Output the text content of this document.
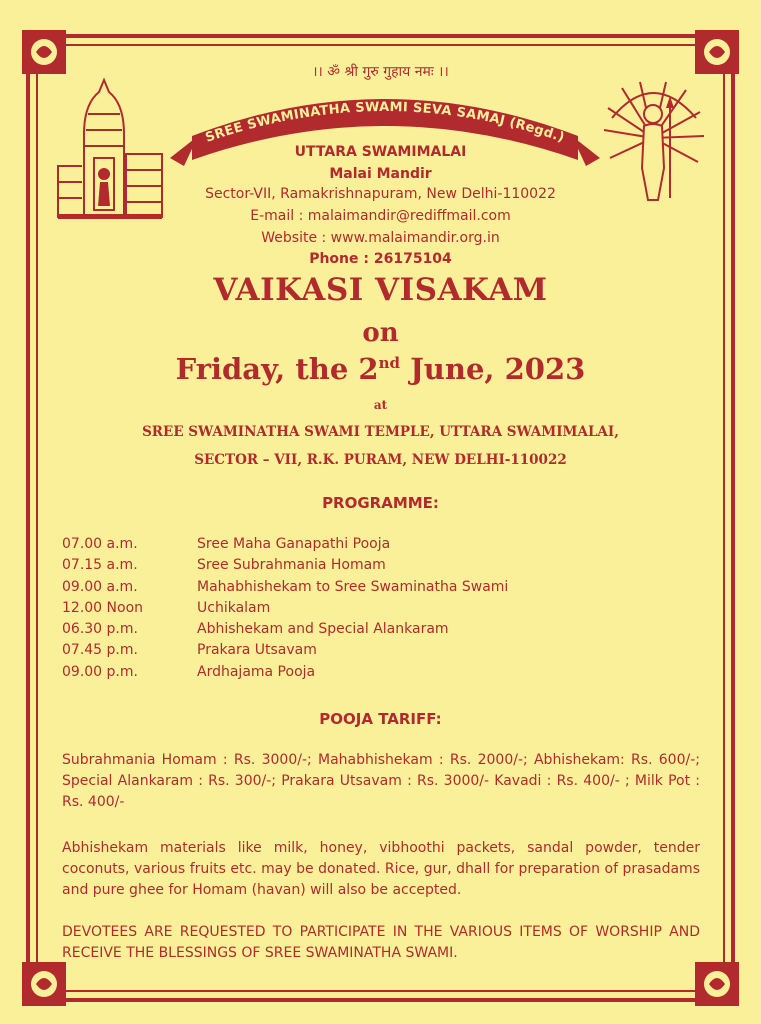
।। ॐ श्री गुरु गुहाय नमः ।।
SREE SWAMINATHA SWAMI SEVA SAMAJ (Regd.)
UTTARA SWAMIMALAI
Malai Mandir
Sector-VII, Ramakrishnapuram, New Delhi-110022
E-mail : malaimandir@rediffmail.com
Website : www.malaimandir.org.in
Phone : 26175104
VAIKASI VISAKAM
on
Friday, the 2nd June, 2023
at
SREE SWAMINATHA SWAMI TEMPLE, UTTARA SWAMIMALAI,
SECTOR – VII, R.K. PURAM, NEW DELHI-110022
PROGRAMME:
07.00 a.m.	Sree Maha Ganapathi Pooja
07.15 a.m.	Sree Subrahmania Homam
09.00 a.m.	Mahabhishekam to Sree Swaminatha Swami
12.00 Noon	Uchikalam
06.30 p.m.	Abhishekam and Special Alankaram
07.45 p.m.	Prakara Utsavam
09.00 p.m.	Ardhajama Pooja
POOJA TARIFF:
Subrahmania Homam : Rs. 3000/-; Mahabhishekam : Rs. 2000/-; Abhishekam: Rs. 600/-; Special Alankaram : Rs. 300/-; Prakara Utsavam : Rs. 3000/- Kavadi : Rs. 400/- ; Milk Pot : Rs. 400/-
Abhishekam materials like milk, honey, vibhoothi packets, sandal powder, tender coconuts, various fruits etc. may be donated. Rice, gur, dhall for preparation of prasadams and pure ghee for Homam (havan) will also be accepted.
DEVOTEES ARE REQUESTED TO PARTICIPATE IN THE VARIOUS ITEMS OF WORSHIP AND RECEIVE THE BLESSINGS OF SREE SWAMINATHA SWAMI.
